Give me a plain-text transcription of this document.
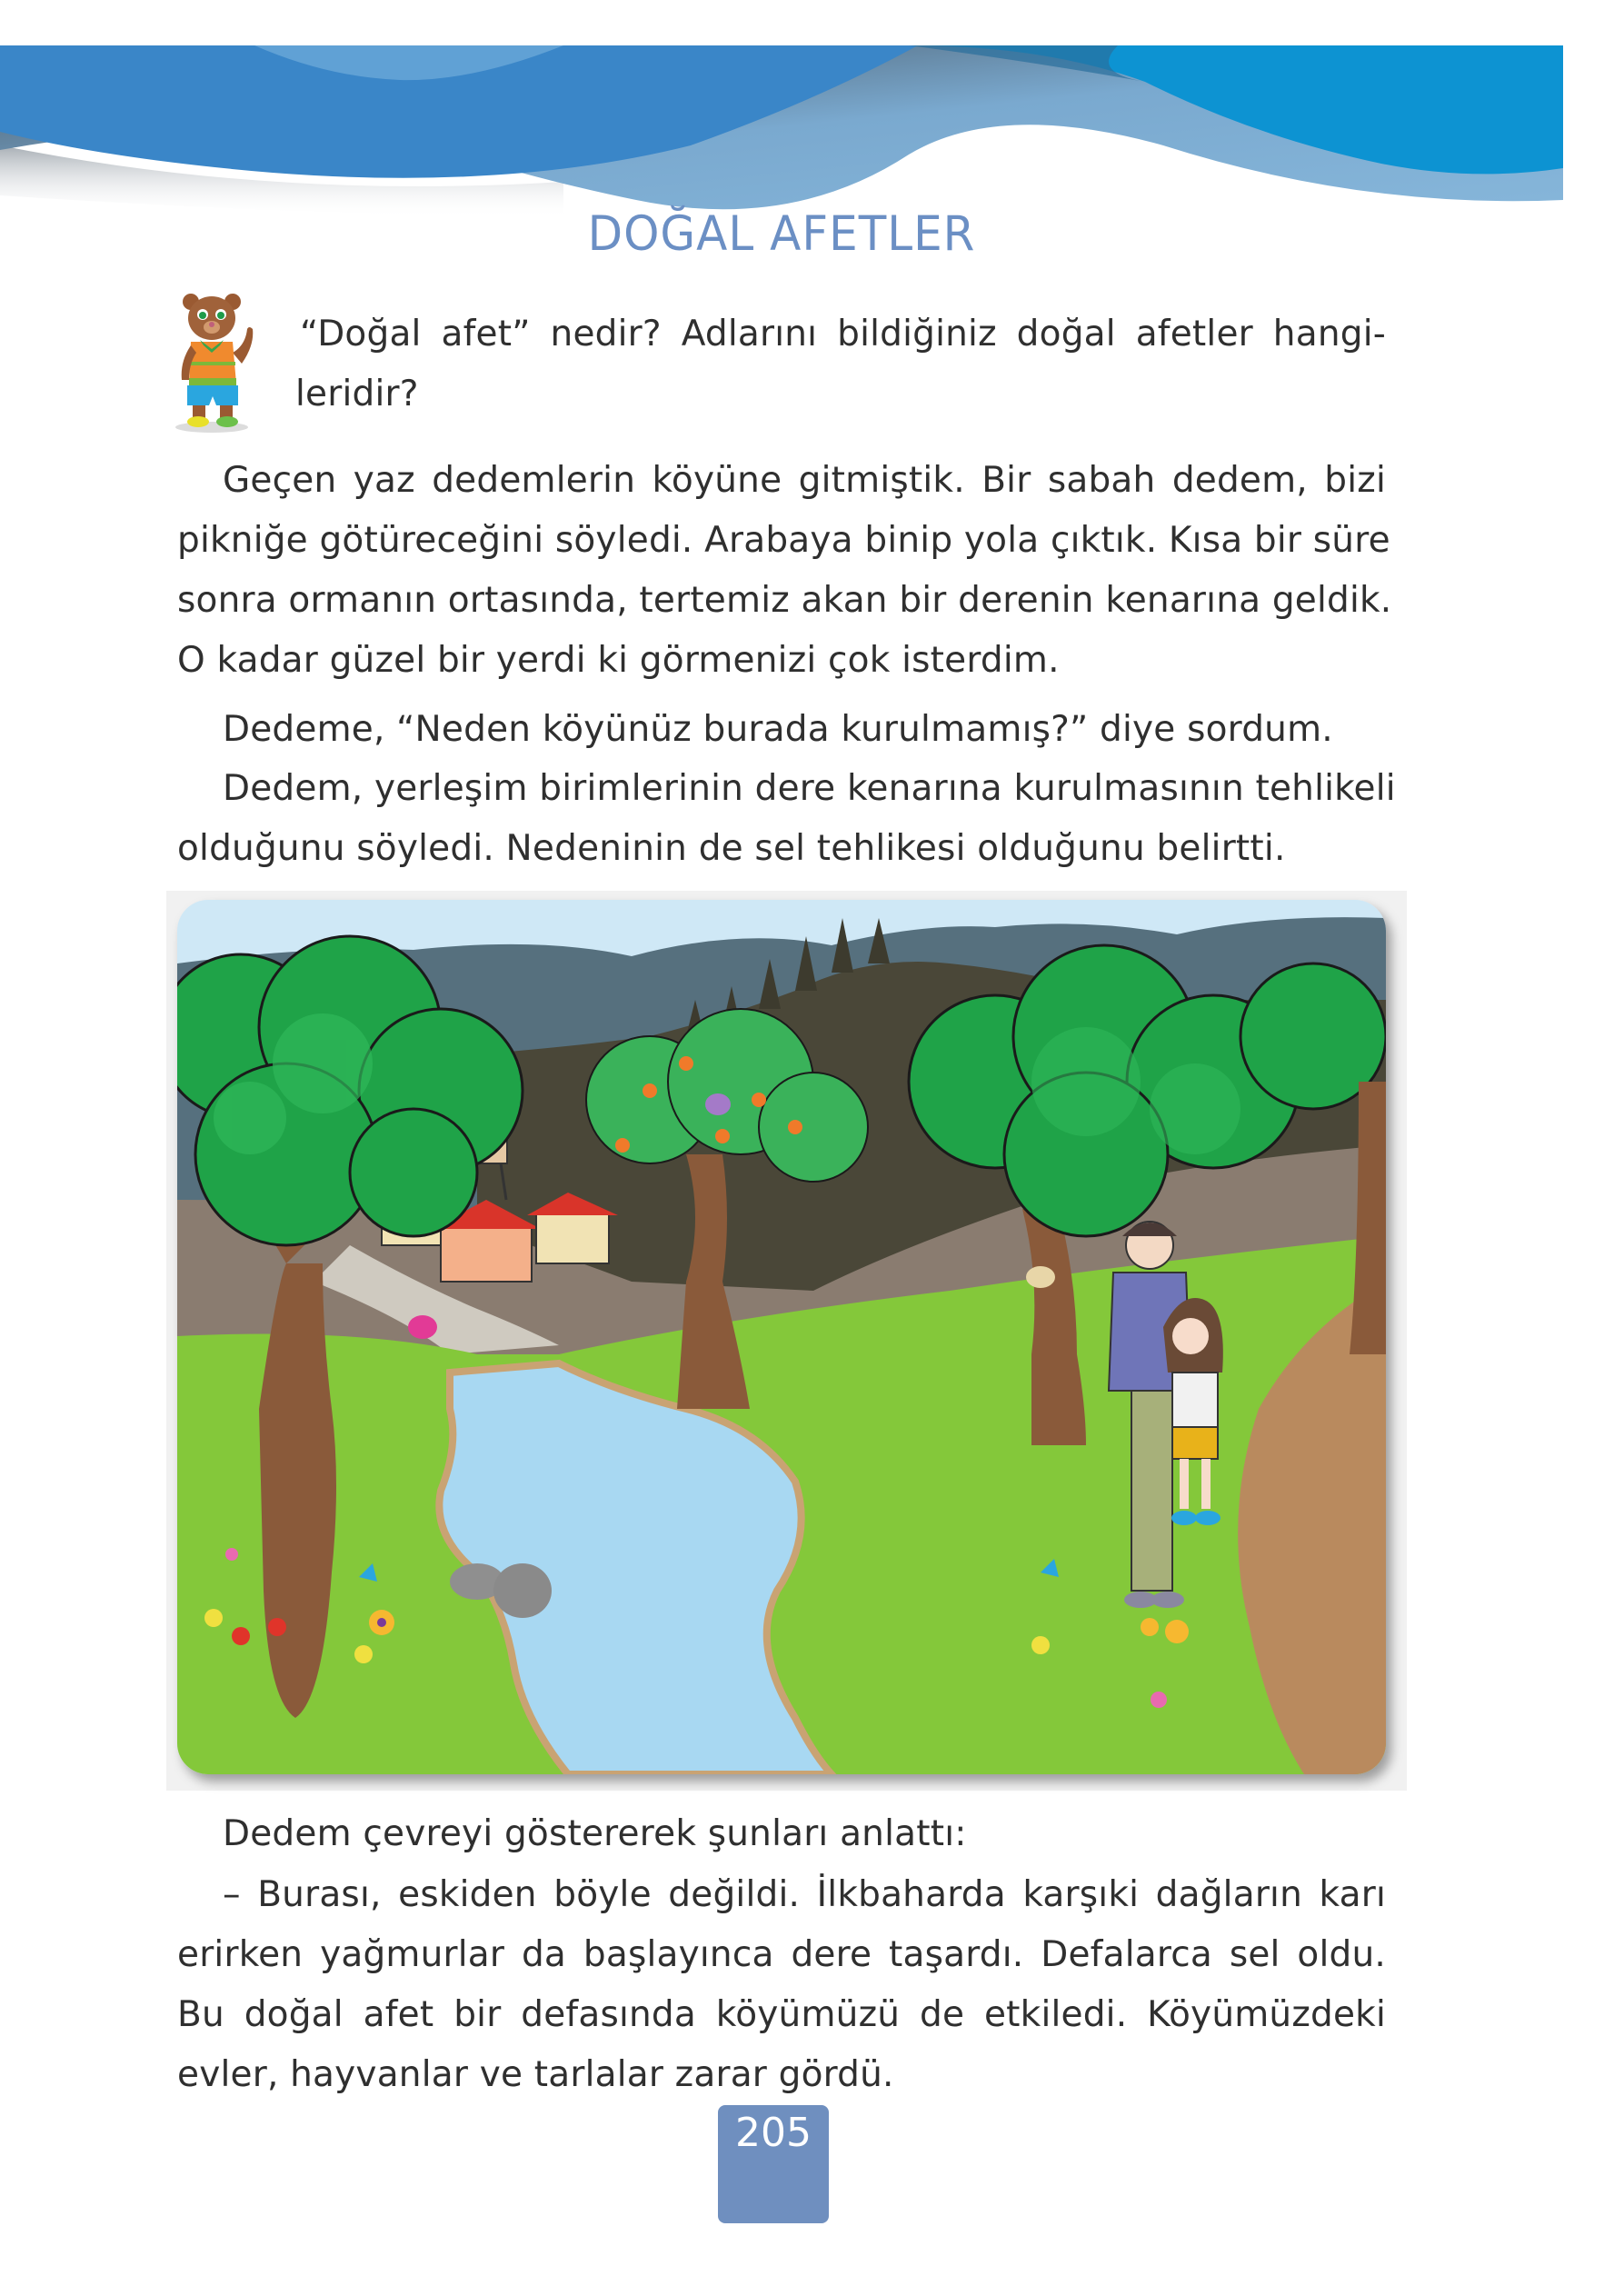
DOĞAL AFETLER
“Doğal afet” nedir? Adlarını bildiğiniz doğal afetler hangi-
leridir?
Geçen yaz dedemlerin köyüne gitmiştik. Bir sabah dedem, bizi
pikniğe götüreceğini söyledi. Arabaya binip yola çıktık. Kısa bir süre
sonra ormanın ortasında, tertemiz akan bir derenin kenarına geldik.
O kadar güzel bir yerdi ki görmenizi çok isterdim.
Dedeme, “Neden köyünüz burada kurulmamış?” diye sordum.
Dedem, yerleşim birimlerinin dere kenarına kurulmasının tehlikeli
olduğunu söyledi. Nedeninin de sel tehlikesi olduğunu belirtti.
Dedem çevreyi göstererek şunları anlattı:
– Burası, eskiden böyle değildi. İlkbaharda karşıki dağların karı
erirken yağmurlar da başlayınca dere taşardı. Defalarca sel oldu.
Bu doğal afet bir defasında köyümüzü de etkiledi. Köyümüzdeki
evler, hayvanlar ve tarlalar zarar gördü.
205
